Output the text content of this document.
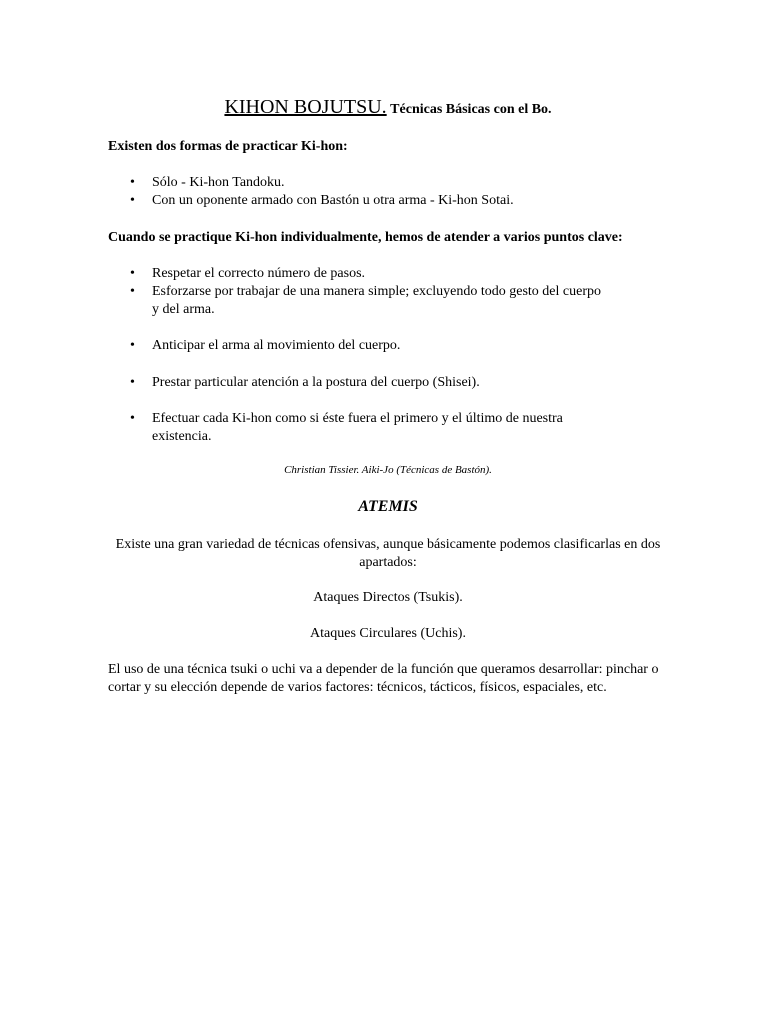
KIHON BOJUTSU. Técnicas Básicas con el Bo.
Existen dos formas de practicar Ki-hon:
• Sólo - Ki-hon Tandoku.
• Con un oponente armado con Bastón u otra arma - Ki-hon Sotai.
Cuando se practique Ki-hon individualmente, hemos de atender a varios puntos clave:
• Respetar el correcto número de pasos.
• Esforzarse por trabajar de una manera simple; excluyendo todo gesto del cuerpo y del arma.
• Anticipar el arma al movimiento del cuerpo.
• Prestar particular atención a la postura del cuerpo (Shisei).
• Efectuar cada Ki-hon como si éste fuera el primero y el último de nuestra existencia.
Christian Tissier. Aiki-Jo (Técnicas de Bastón).
ATEMIS
Existe una gran variedad de técnicas ofensivas, aunque básicamente podemos clasificarlas en dos apartados:
Ataques Directos (Tsukis).
Ataques Circulares (Uchis).
El uso de una técnica tsuki o uchi va a depender de la función que queramos desarrollar: pinchar o cortar y su elección depende de varios factores: técnicos, tácticos, físicos, espaciales, etc.
